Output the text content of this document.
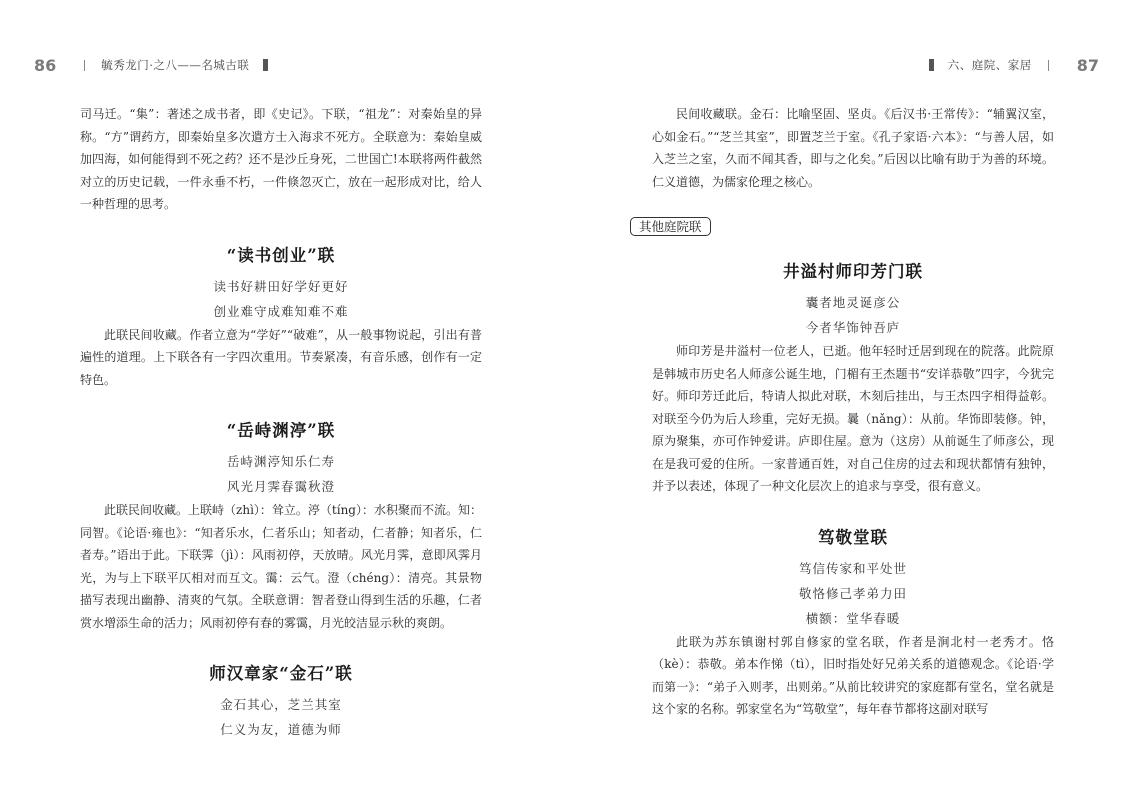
86	毓秀龙门·之八——名城古联

司马迁。“集”：著述之成书者，即《史记》。下联，“祖龙”：对秦始皇的异称。“方”谓药方，即秦始皇多次遣方士入海求不死方。全联意为：秦始皇威加四海，如何能得到不死之药？还不是沙丘身死，二世国亡!本联将两件截然对立的历史记载，一件永垂不朽，一件倏忽灭亡，放在一起形成对比，给人一种哲理的思考。

“读书创业”联
读书好耕田好学好更好
创业难守成难知难不难

此联民间收藏。作者立意为“学好”“破难”，从一般事物说起，引出有普遍性的道理。上下联各有一字四次重用。节奏紧凑，有音乐感，创作有一定特色。

“岳峙渊渟”联
岳峙渊渟知乐仁寿
风光月霁春霭秋澄

此联民间收藏。上联峙（zhì）：耸立。渟（tíng）：水积聚而不流。知：同智。《论语·雍也》：“知者乐水，仁者乐山；知者动，仁者静；知者乐，仁者寿。”语出于此。下联霁（jì）：风雨初停，天放晴。风光月霁，意即风霁月光，为与上下联平仄相对而互文。霭：云气。澄（chéng）：清亮。其景物描写表现出幽静、清爽的气氛。全联意谓：智者登山得到生活的乐趣，仁者赏水增添生命的活力；风雨初停有春的雾霭，月光皎洁显示秋的爽朗。

师汉章家“金石”联
金石其心，芝兰其室
仁义为友，道德为师
六、庭院、家居	87

民间收藏联。金石：比喻坚固、坚贞。《后汉书·王常传》：“辅翼汉室，心如金石。”“芝兰其室”，即置芝兰于室。《孔子家语·六本》：“与善人居，如入芝兰之室，久而不闻其香，即与之化矣。”后因以比喻有助于为善的环境。仁义道德，为儒家伦理之核心。

其他庭院联
井溢村师印芳门联
囊者地灵诞彦公
今者华饰钟吾庐

师印芳是井溢村一位老人，已逝。他年轻时迁居到现在的院落。此院原是韩城市历史名人师彦公诞生地，门楣有王杰题书“安详恭敬”四字，今犹完好。师印芳迁此后，特请人拟此对联，木刻后挂出，与王杰四字相得益彰。对联至今仍为后人珍重，完好无损。曩（nǎng）：从前。华饰即装修。钟，原为聚集，亦可作钟爱讲。庐即住屋。意为（这房）从前诞生了师彦公，现在是我可爱的住所。一家普通百姓，对自己住房的过去和现状都情有独钟，并予以表述，体现了一种文化层次上的追求与享受，很有意义。

笃敬堂联
笃信传家和平处世
敬恪修己孝弟力田
横额：堂华春暖

此联为苏东镇谢村郭自修家的堂名联，作者是涧北村一老秀才。恪（kè）：恭敬。弟本作悌（tì），旧时指处好兄弟关系的道德观念。《论语·学而第一》：“弟子入则孝，出则弟。”从前比较讲究的家庭都有堂名，堂名就是这个家的名称。郭家堂名为“笃敬堂”，每年春节都将这副对联写
